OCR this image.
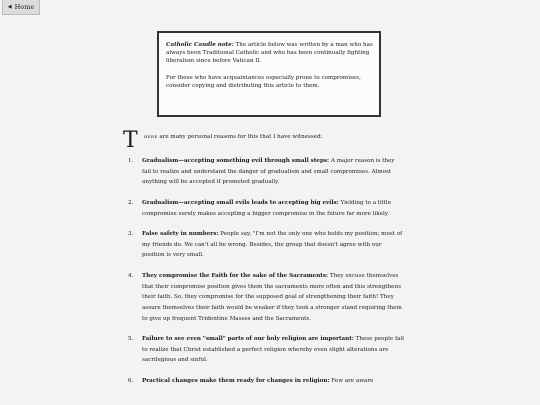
◀ Home

Catholic Candle note: The article below was written by a man who has always been Traditional Catholic and who has been continually fighting liberalism since before Vatican II.

For those who have acquaintances especially prone to compromises, consider copying and distributing this article to them.

T here are many personal reasons for this that I have witnessed:
1. Gradualism—accepting something evil through small steps: A major reason is they fail to realize and understand the danger of gradualism and small compromises. Almost anything will be accepted if promoted gradually.
2. Gradualism—accepting small evils leads to accepting big evils: Yielding to a little compromise surely makes accepting a bigger compromise in the future far more likely.
3. False safety in numbers: People say, "I'm not the only one who holds my position; most of my friends do. We can't all be wrong. Besides, the group that doesn't agree with our position is very small.
4. They compromise the Faith for the sake of the Sacraments: They excuse themselves that their compromise position gives them the sacraments more often and this strengthens their faith. So, they compromise for the supposed goal of strengthening their faith! They assure themselves their faith would be weaker if they took a stronger stand requiring them to give up frequent Tridentine Masses and the Sacraments.
5. Failure to see even "small" parts of our holy religion are important: These people fail to realize that Christ established a perfect religion whereby even slight alterations are sacrilegious and sinful.
6. Practical changes make them ready for changes in religion: Few are aware
